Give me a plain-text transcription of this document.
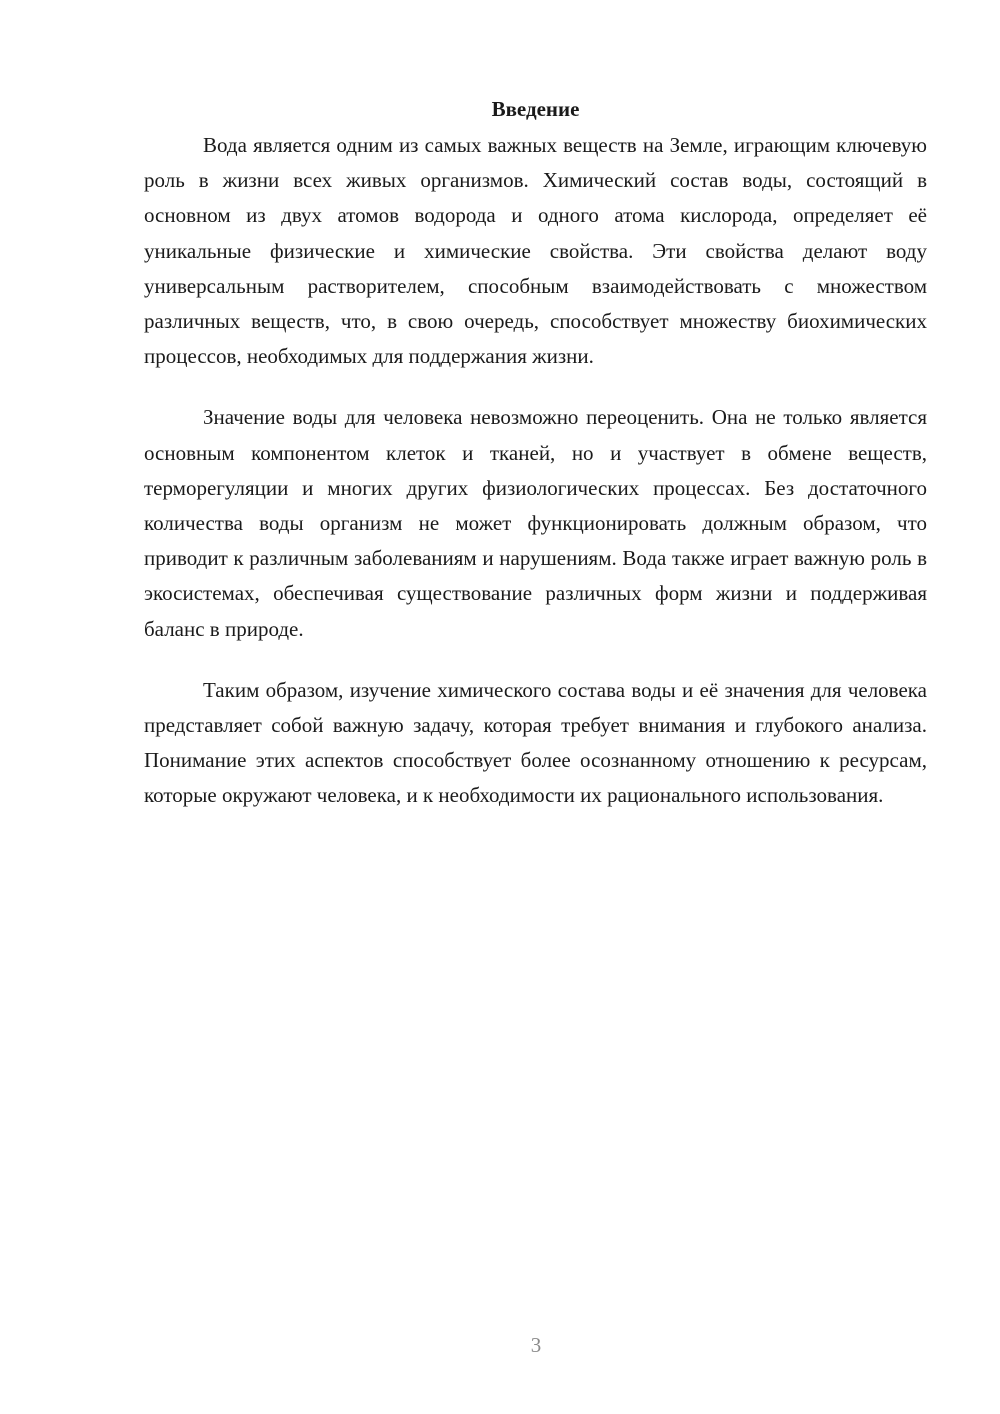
Введение

Вода является одним из самых важных веществ на Земле, играющим ключевую роль в жизни всех живых организмов. Химический состав воды, состоящий в основном из двух атомов водорода и одного атома кислорода, определяет её уникальные физические и химические свойства. Эти свойства делают воду универсальным растворителем, способным взаимодействовать с множеством различных веществ, что, в свою очередь, способствует множеству биохимических процессов, необходимых для поддержания жизни.

Значение воды для человека невозможно переоценить. Она не только является основным компонентом клеток и тканей, но и участвует в обмене веществ, терморегуляции и многих других физиологических процессах. Без достаточного количества воды организм не может функционировать должным образом, что приводит к различным заболеваниям и нарушениям. Вода также играет важную роль в экосистемах, обеспечивая существование различных форм жизни и поддерживая баланс в природе.

Таким образом, изучение химического состава воды и её значения для человека представляет собой важную задачу, которая требует внимания и глубокого анализа. Понимание этих аспектов способствует более осознанному отношению к ресурсам, которые окружают человека, и к необходимости их рационального использования.

3
